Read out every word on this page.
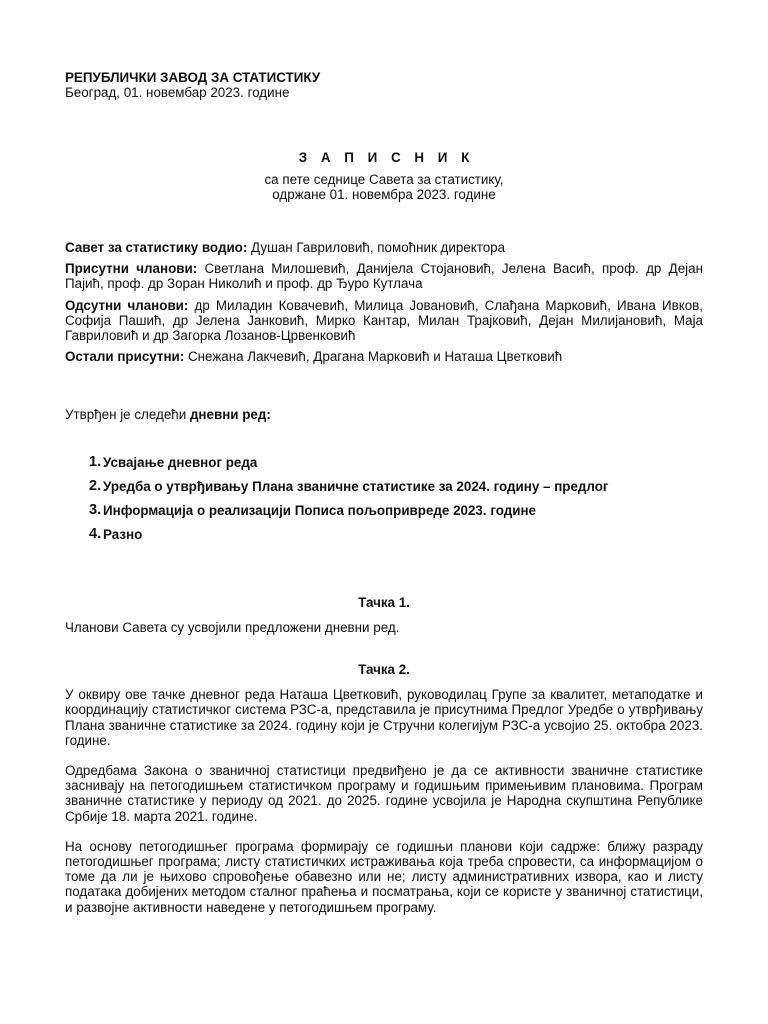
РЕПУБЛИЧКИ ЗАВОД ЗА СТАТИСТИКУ

Београд, 01. новембар 2023. године

З А П И С Н И К

са пете седнице Савета за статистику,
одржане 01. новембра 2023. године

Савет за статистику водио: Душан Гавриловић, помоћник директора

Присутни чланови: Светлана Милошевић, Данијела Стојановић, Јелена Васић, проф. др Дејан Пајић, проф. др Зоран Николић и проф. др Ђуро Кутлача

Одсутни чланови: др Миладин Ковачевић, Милица Јовановић, Слађана Марковић, Ивана Ивков, Софија Пашић, др Јелена Јанковић, Мирко Кантар, Милан Трајковић, Дејан Милијановић, Маја Гавриловић и др Загорка Лозанов-Црвенковић

Остали присутни: Снежана Лакчевић, Драгана Марковић и Наташа Цветковић

Утврђен је следећи дневни ред:

1. Усвајање дневног реда
2. Уредба о утврђивању Плана званичне статистике за 2024. годину – предлог
3. Информација о реализацији Пописа пољопривреде 2023. године
4. Разно

Тачка 1.

Чланови Савета су усвојили предложени дневни ред.

Тачка 2.

У оквиру ове тачке дневног реда Наташа Цветковић, руководилац Групе за квалитет, метаподатке и координацију статистичког система РЗС-а, представила је присутнима Предлог Уредбе о утврђивању Плана званичне статистике за 2024. годину који је Стручни колегијум РЗС-а усвојио 25. октобра 2023. године.

Одредбама Закона о званичној статистици предвиђено је да се активности званичне статистике заснивају на петогодишњем статистичком програму и годишњим примењивим плановима. Програм званичне статистике у периоду од 2021. до 2025. године усвојила је Народна скупштина Републике Србије 18. марта 2021. године.

На основу петогодишњег програма формирају се годишњи планови који садрже: ближу разраду петогодишњег програма; листу статистичких истраживања која треба спровести, са информацијом о томе да ли је њихово спровођење обавезно или не; листу административних извора, као и листу података добијених методом сталног праћења и посматрања, који се користе у званичној статистици, и развојне активности наведене у петогодишњем програму.
